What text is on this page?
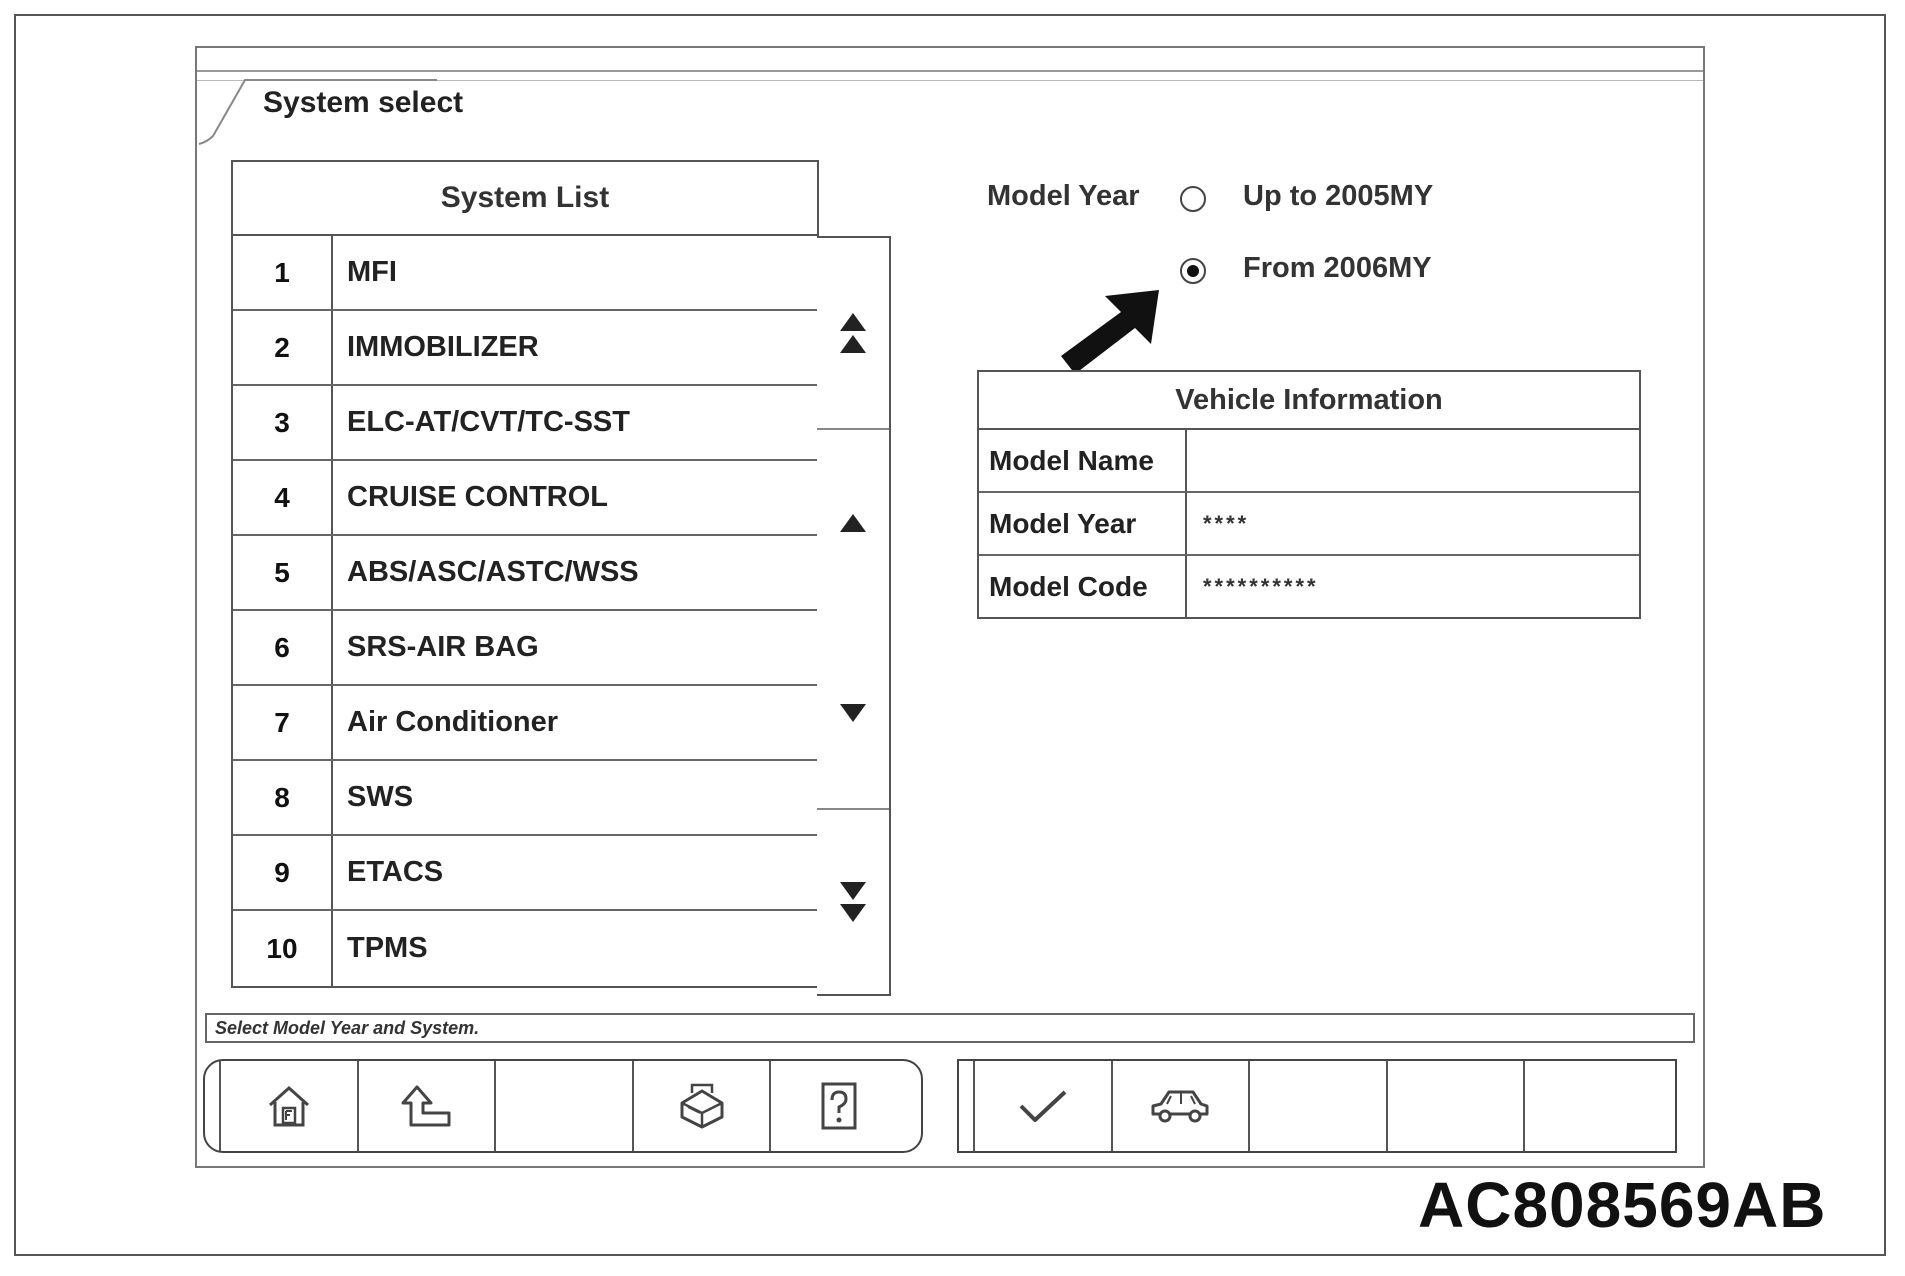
System select
System List
1	MFI
2	IMMOBILIZER
3	ELC-AT/CVT/TC-SST
4	CRUISE CONTROL
5	ABS/ASC/ASTC/WSS
6	SRS-AIR BAG
7	Air Conditioner
8	SWS
9	ETACS
10	TPMS
Model Year	Up to 2005MY
From 2006MY
Vehicle Information
Model Name
Model Year	****
Model Code	**********
Select Model Year and System.
AC808569AB
